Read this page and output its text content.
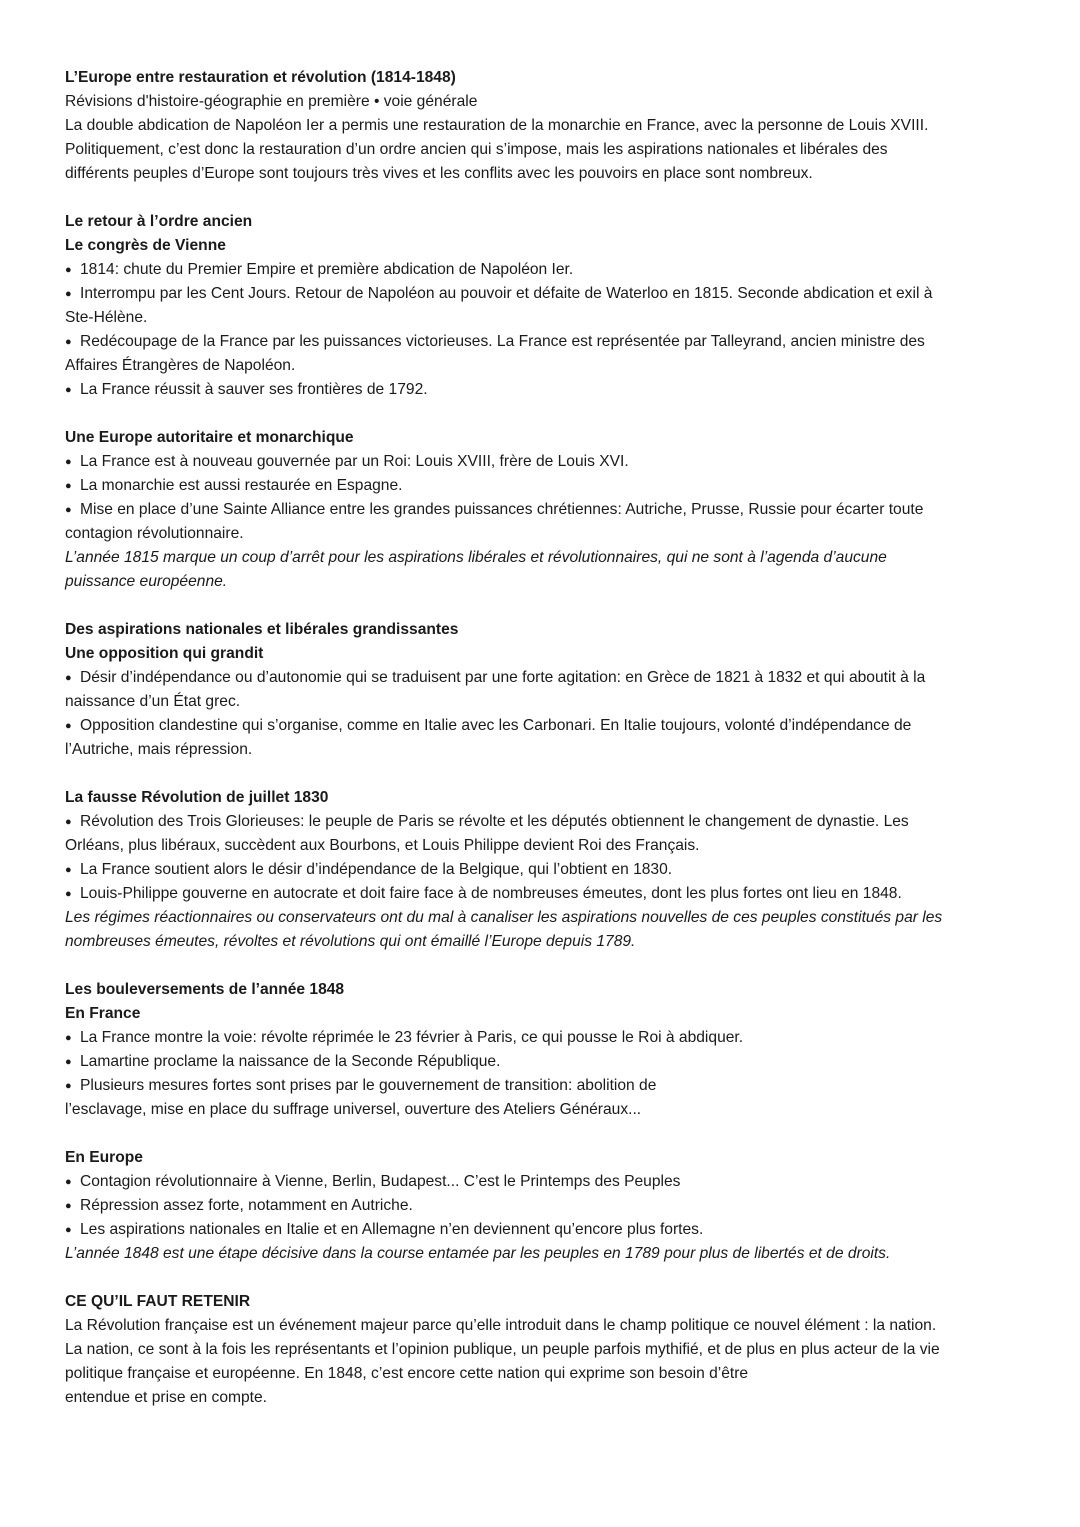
L’Europe entre restauration et révolution (1814-1848)
Révisions d'histoire-géographie en première • voie générale
La double abdication de Napoléon Ier a permis une restauration de la monarchie en France, avec la personne de Louis XVIII.
Politiquement, c’est donc la restauration d’un ordre ancien qui s’impose, mais les aspirations nationales et libérales des
différents peuples d’Europe sont toujours très vives et les conflits avec les pouvoirs en place sont nombreux.
Le retour à l’ordre ancien
Le congrès de Vienne
● 1814: chute du Premier Empire et première abdication de Napoléon Ier.
● Interrompu par les Cent Jours. Retour de Napoléon au pouvoir et défaite de Waterloo en 1815. Seconde abdication et exil à
Ste-Hélène.
● Redécoupage de la France par les puissances victorieuses. La France est représentée par Talleyrand, ancien ministre des
Affaires Étrangères de Napoléon.
● La France réussit à sauver ses frontières de 1792.
Une Europe autoritaire et monarchique
● La France est à nouveau gouvernée par un Roi: Louis XVIII, frère de Louis XVI.
● La monarchie est aussi restaurée en Espagne.
● Mise en place d’une Sainte Alliance entre les grandes puissances chrétiennes: Autriche, Prusse, Russie pour écarter toute
contagion révolutionnaire.
L’année 1815 marque un coup d’arrêt pour les aspirations libérales et révolutionnaires, qui ne sont à l’agenda d’aucune
puissance européenne.
Des aspirations nationales et libérales grandissantes
Une opposition qui grandit
● Désir d’indépendance ou d’autonomie qui se traduisent par une forte agitation: en Grèce de 1821 à 1832 et qui aboutit à la
naissance d’un État grec.
● Opposition clandestine qui s’organise, comme en Italie avec les Carbonari. En Italie toujours, volonté d’indépendance de
l’Autriche, mais répression.
La fausse Révolution de juillet 1830
● Révolution des Trois Glorieuses: le peuple de Paris se révolte et les députés obtiennent le changement de dynastie. Les
Orléans, plus libéraux, succèdent aux Bourbons, et Louis Philippe devient Roi des Français.
● La France soutient alors le désir d’indépendance de la Belgique, qui l’obtient en 1830.
● Louis-Philippe gouverne en autocrate et doit faire face à de nombreuses émeutes, dont les plus fortes ont lieu en 1848.
Les régimes réactionnaires ou conservateurs ont du mal à canaliser les aspirations nouvelles de ces peuples constitués par les
nombreuses émeutes, révoltes et révolutions qui ont émaillé l’Europe depuis 1789.
Les bouleversements de l’année 1848
En France
● La France montre la voie: révolte réprimée le 23 février à Paris, ce qui pousse le Roi à abdiquer.
● Lamartine proclame la naissance de la Seconde République.
● Plusieurs mesures fortes sont prises par le gouvernement de transition: abolition de
l’esclavage, mise en place du suffrage universel, ouverture des Ateliers Généraux...
En Europe
● Contagion révolutionnaire à Vienne, Berlin, Budapest... C’est le Printemps des Peuples
● Répression assez forte, notamment en Autriche.
● Les aspirations nationales en Italie et en Allemagne n’en deviennent qu’encore plus fortes.
L’année 1848 est une étape décisive dans la course entamée par les peuples en 1789 pour plus de libertés et de droits.
CE QU’IL FAUT RETENIR
La Révolution française est un événement majeur parce qu’elle introduit dans le champ politique ce nouvel élément : la nation.
La nation, ce sont à la fois les représentants et l’opinion publique, un peuple parfois mythifié, et de plus en plus acteur de la vie
politique française et européenne. En 1848, c’est encore cette nation qui exprime son besoin d’être
entendue et prise en compte.
